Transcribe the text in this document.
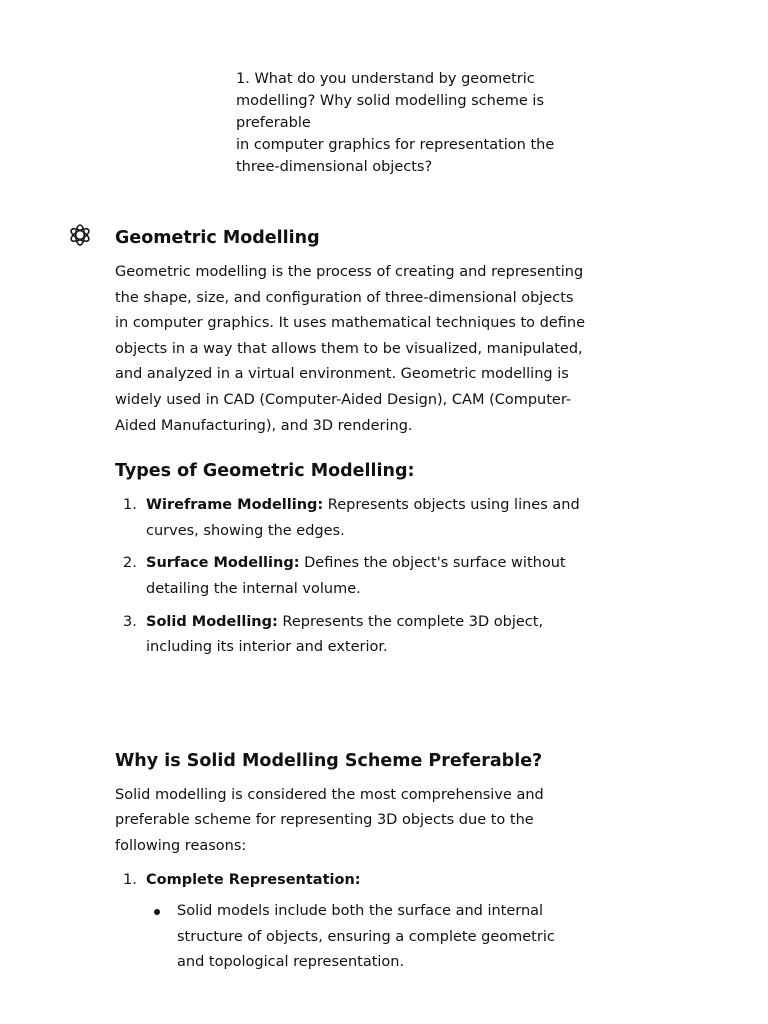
1. What do you understand by geometric
modelling? Why solid modelling scheme is
preferable
in computer graphics for representation the
three-dimensional objects?
Geometric Modelling

Geometric modelling is the process of creating and representing the shape, size, and configuration of three-dimensional objects in computer graphics. It uses mathematical techniques to define objects in a way that allows them to be visualized, manipulated, and analyzed in a virtual environment. Geometric modelling is widely used in CAD (Computer-Aided Design), CAM (Computer-Aided Manufacturing), and 3D rendering.

Types of Geometric Modelling:
1. Wireframe Modelling: Represents objects using lines and curves, showing the edges.
2. Surface Modelling: Defines the object's surface without detailing the internal volume.
3. Solid Modelling: Represents the complete 3D object, including its interior and exterior.
Why is Solid Modelling Scheme Preferable?

Solid modelling is considered the most comprehensive and preferable scheme for representing 3D objects due to the following reasons:

1. Complete Representation:
Solid models include both the surface and internal structure of objects, ensuring a complete geometric and topological representation.
